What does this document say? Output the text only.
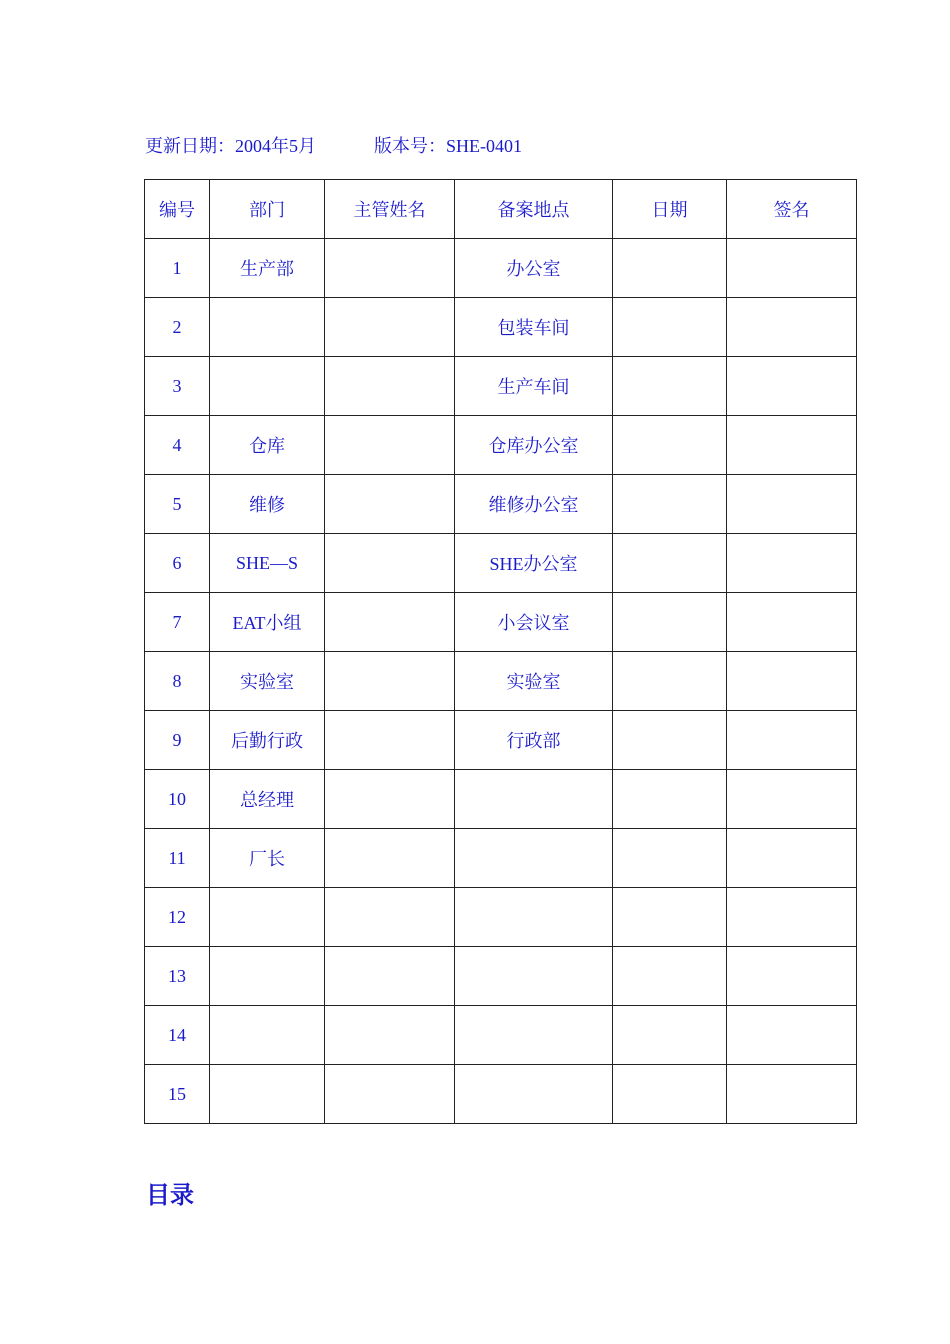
更新日期：2004年5月	版本号：SHE-0401
编号	部门	主管姓名	备案地点	日期	签名
1	生产部		办公室		
2			包装车间		
3			生产车间		
4	仓库		仓库办公室		
5	维修		维修办公室		
6	SHE—S		SHE办公室		
7	EAT小组		小会议室		
8	实验室		实验室		
9	后勤行政		行政部		
10	总经理				
11	厂长				
12					
13					
14					
15					
目录
